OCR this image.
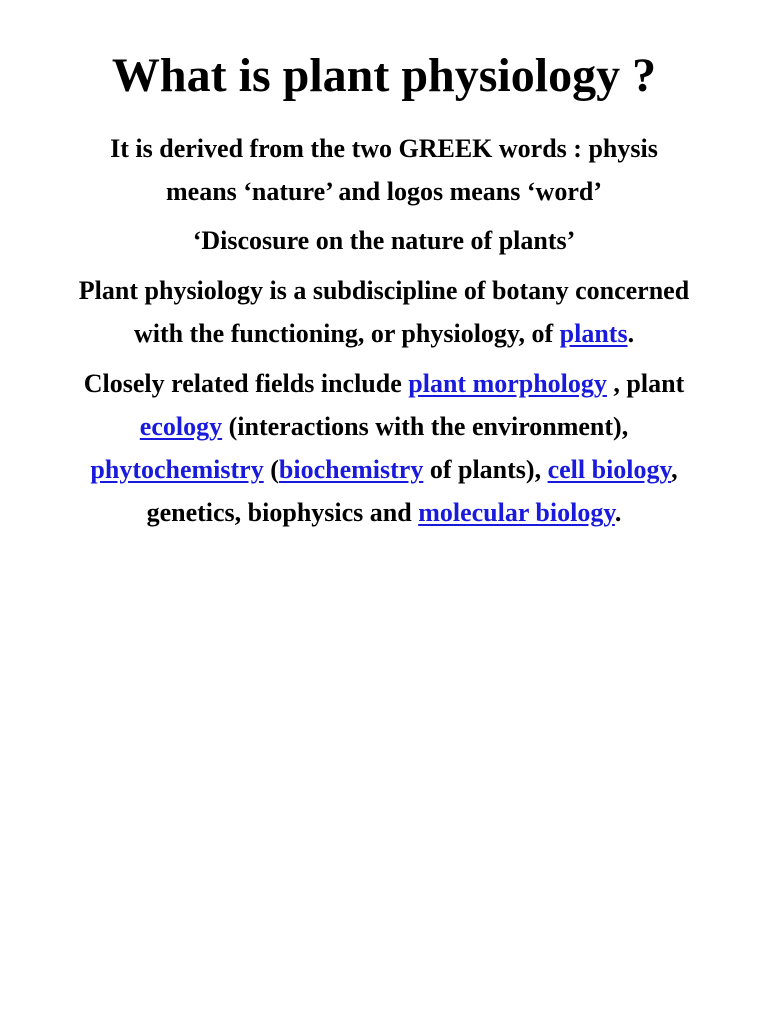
What is plant physiology ?

It is derived from the two GREEK words : physis
means ‘nature’ and logos means ‘word’

‘Discosure on the nature of plants’

Plant physiology is a subdiscipline of botany concerned
with the functioning, or physiology, of plants.

Closely related fields include plant morphology , plant
ecology (interactions with the environment),
phytochemistry (biochemistry of plants), cell biology,
genetics, biophysics and molecular biology.
